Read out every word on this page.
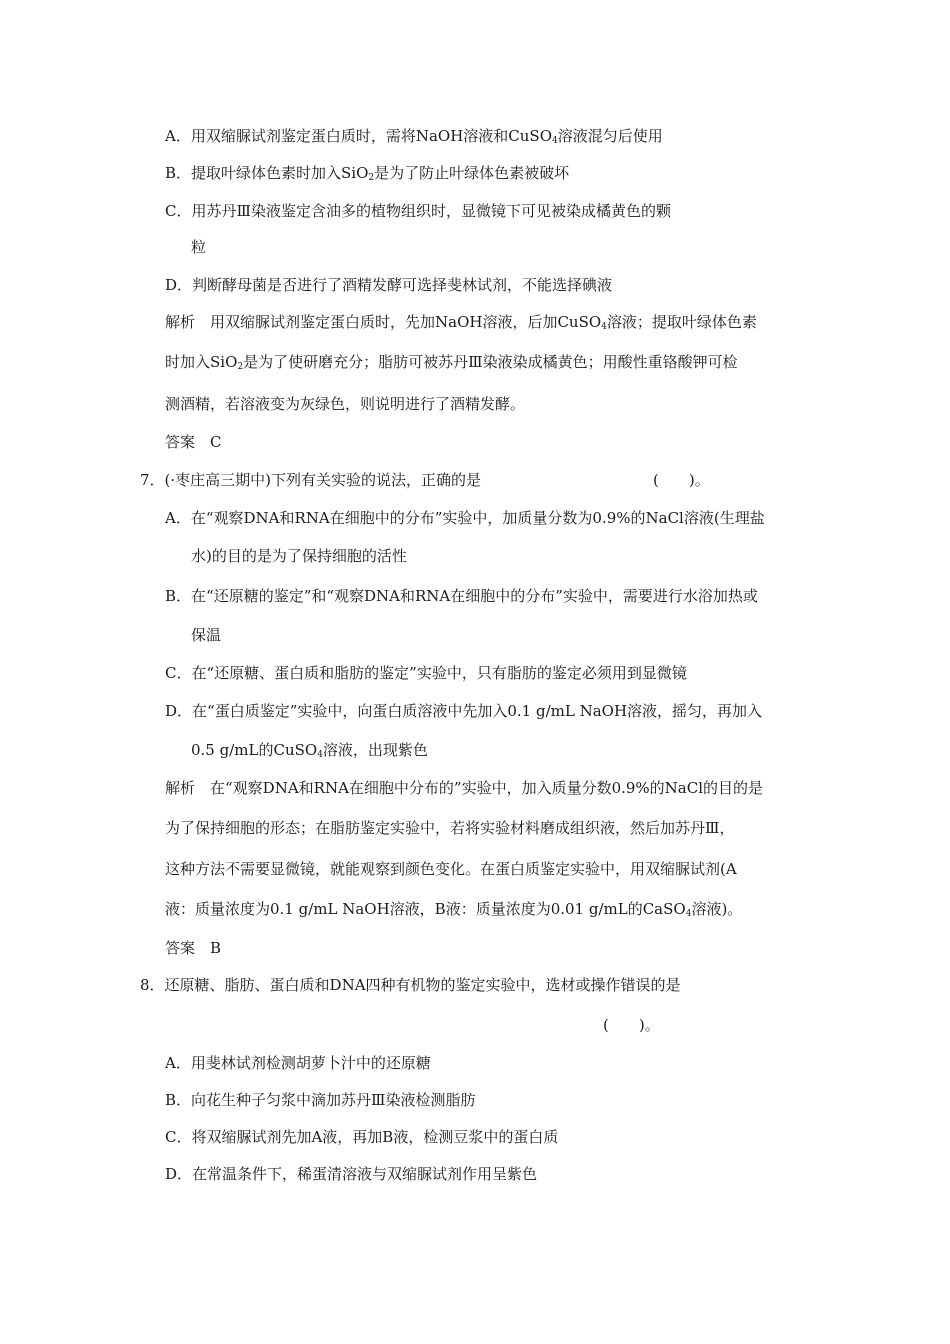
A．用双缩脲试剂鉴定蛋白质时，需将NaOH溶液和CuSO$_4$溶液混匀后使用
B．提取叶绿体色素时加入SiO$_2$是为了防止叶绿体色素被破坏
C．用苏丹Ⅲ染液鉴定含油多的植物组织时，显微镜下可见被染成橘黄色的颗
粒
D．判断酵母菌是否进行了酒精发酵可选择斐林试剂，不能选择碘液
解析　用双缩脲试剂鉴定蛋白质时，先加NaOH溶液，后加CuSO$_4$溶液；提取叶绿体色素
时加入SiO$_2$是为了使研磨充分；脂肪可被苏丹Ⅲ染液染成橘黄色；用酸性重铬酸钾可检
测酒精，若溶液变为灰绿色，则说明进行了酒精发酵。
答案　C
7．(·枣庄高三期中)下列有关实验的说法，正确的是	(　　)。
A．在“观察DNA和RNA在细胞中的分布”实验中，加质量分数为0.9%的NaCl溶液(生理盐
水)的目的是为了保持细胞的活性
B．在“还原糖的鉴定”和“观察DNA和RNA在细胞中的分布”实验中，需要进行水浴加热或
保温
C．在“还原糖、蛋白质和脂肪的鉴定”实验中，只有脂肪的鉴定必须用到显微镜
D．在“蛋白质鉴定”实验中，向蛋白质溶液中先加入0.1 g/mL NaOH溶液，摇匀，再加入
0.5 g/mL的CuSO$_4$溶液，出现紫色
解析　在“观察DNA和RNA在细胞中分布的”实验中，加入质量分数0.9%的NaCl的目的是
为了保持细胞的形态；在脂肪鉴定实验中，若将实验材料磨成组织液，然后加苏丹Ⅲ，
这种方法不需要显微镜，就能观察到颜色变化。在蛋白质鉴定实验中，用双缩脲试剂(A
液：质量浓度为0.1 g/mL NaOH溶液，B液：质量浓度为0.01 g/mL的CaSO$_4$溶液)。
答案　B
8．还原糖、脂肪、蛋白质和DNA四种有机物的鉴定实验中，选材或操作错误的是
(　　)。
A．用斐林试剂检测胡萝卜汁中的还原糖
B．向花生种子匀浆中滴加苏丹Ⅲ染液检测脂肪
C．将双缩脲试剂先加A液，再加B液，检测豆浆中的蛋白质
D．在常温条件下，稀蛋清溶液与双缩脲试剂作用呈紫色
